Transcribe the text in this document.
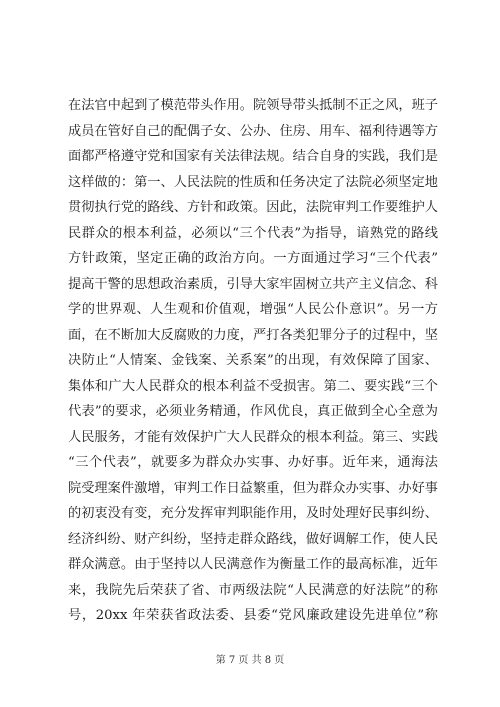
在法官中起到了模范带头作用。院领导带头抵制不正之风，班子
成员在管好自己的配偶子女、公办、住房、用车、福利待遇等方
面都严格遵守党和国家有关法律法规。结合自身的实践，我们是
这样做的：第一、人民法院的性质和任务决定了法院必须坚定地
贯彻执行党的路线、方针和政策。因此，法院审判工作要维护人
民群众的根本利益，必须以“三个代表”为指导，谙熟党的路线
方针政策，坚定正确的政治方向。一方面通过学习“三个代表”
提高干警的思想政治素质，引导大家牢固树立共产主义信念、科
学的世界观、人生观和价值观，增强“人民公仆意识”。另一方
面，在不断加大反腐败的力度，严打各类犯罪分子的过程中，坚
决防止“人情案、金钱案、关系案”的出现，有效保障了国家、
集体和广大人民群众的根本利益不受损害。第二、要实践“三个
代表”的要求，必须业务精通，作风优良，真正做到全心全意为
人民服务，才能有效保护广大人民群众的根本利益。第三、实践
“三个代表”，就要多为群众办实事、办好事。近年来，通海法
院受理案件激增，审判工作日益繁重，但为群众办实事、办好事
的初衷没有变，充分发挥审判职能作用，及时处理好民事纠纷、
经济纠纷、财产纠纷，坚持走群众路线，做好调解工作，使人民
群众满意。由于坚持以人民满意作为衡量工作的最高标准，近年
来，我院先后荣获了省、市两级法院“人民满意的好法院”的称
号，20xx 年荣获省政法委、县委“党风廉政建设先进单位”称
第 7 页 共 8 页
